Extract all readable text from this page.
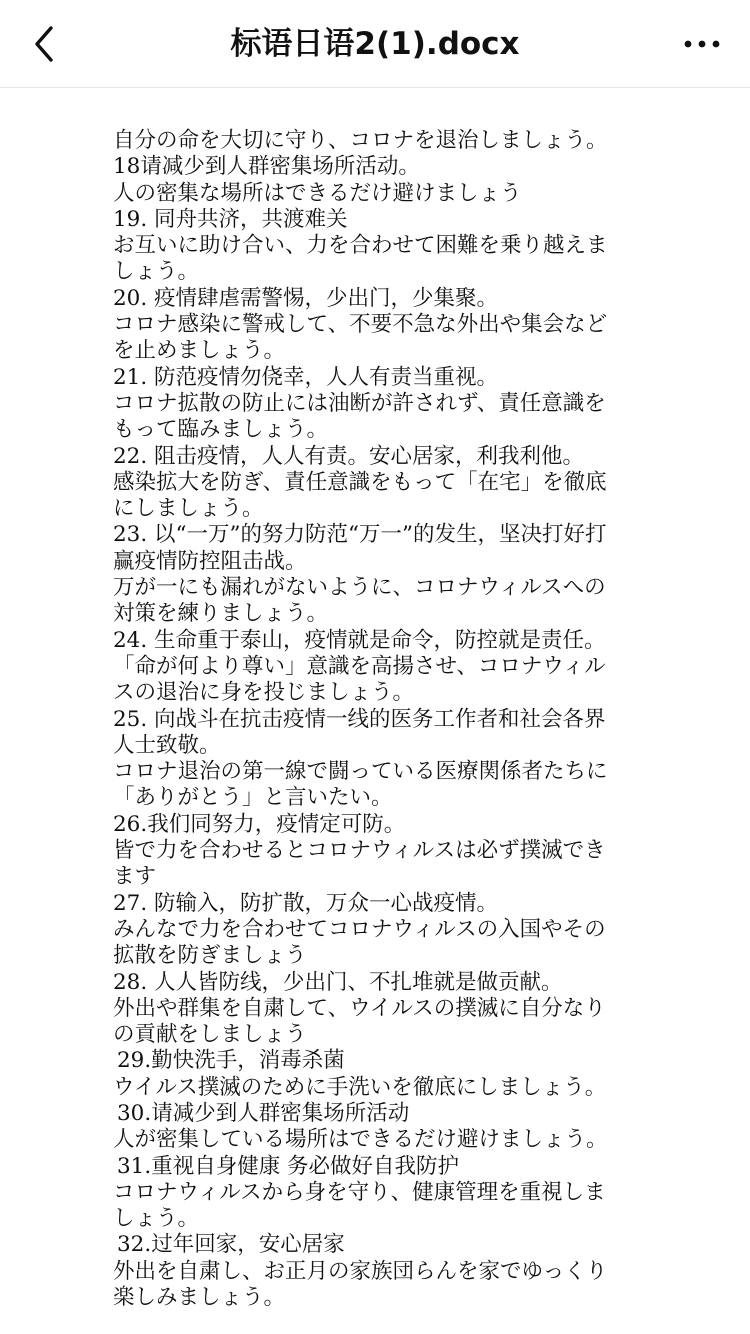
标语日语2(1).docx
自分の命を大切に守り、コロナを退治しましょう。
18请减少到人群密集场所活动。
人の密集な場所はできるだけ避けましょう
19. 同舟共济，共渡难关
お互いに助け合い、力を合わせて困難を乗り越えま
しょう。
20. 疫情肆虐需警惕，少出门，少集聚。
コロナ感染に警戒して、不要不急な外出や集会など
を止めましょう。
21. 防范疫情勿侥幸，人人有责当重视。
コロナ拡散の防止には油断が許されず、責任意識を
もって臨みましょう。
22. 阻击疫情，人人有责。安心居家，利我利他。
感染拡大を防ぎ、責任意識をもって「在宅」を徹底
にしましょう。
23. 以“一万”的努力防范“万一”的发生，坚决打好打
赢疫情防控阻击战。
万が一にも漏れがないように、コロナウィルスへの
対策を練りましょう。
24. 生命重于泰山，疫情就是命令，防控就是责任。
「命が何より尊い」意識を高揚させ、コロナウィル
スの退治に身を投じましょう。
25. 向战斗在抗击疫情一线的医务工作者和社会各界
人士致敬。
コロナ退治の第一線で闘っている医療関係者たちに
「ありがとう」と言いたい。
26.我们同努力，疫情定可防。
皆で力を合わせるとコロナウィルスは必ず撲滅でき
ます
27. 防输入，防扩散，万众一心战疫情。
みんなで力を合わせてコロナウィルスの入国やその
拡散を防ぎましょう
28. 人人皆防线，少出门、不扎堆就是做贡献。
外出や群集を自粛して、ウイルスの撲滅に自分なり
の貢献をしましょう
29.勤快洗手，消毒杀菌
ウイルス撲滅のために手洗いを徹底にしましょう。
30.请减少到人群密集场所活动
人が密集している場所はできるだけ避けましょう。
31.重视自身健康 务必做好自我防护
コロナウィルスから身を守り、健康管理を重視しま
しょう。
32.过年回家，安心居家
外出を自粛し、お正月の家族団らんを家でゆっくり
楽しみましょう。
